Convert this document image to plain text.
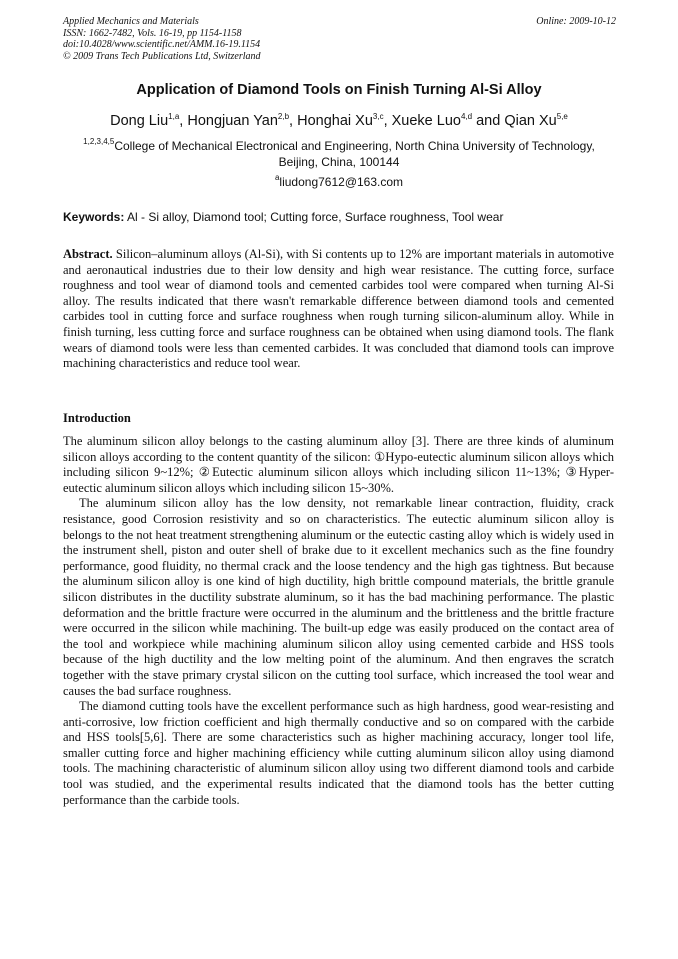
Applied Mechanics and Materials
ISSN: 1662-7482, Vols. 16-19, pp 1154-1158
doi:10.4028/www.scientific.net/AMM.16-19.1154
© 2009 Trans Tech Publications Ltd, Switzerland
Online: 2009-10-12
Application of Diamond Tools on Finish Turning Al-Si Alloy
Dong Liu$^{1,a}$, Hongjuan Yan$^{2,b}$, Honghai Xu$^{3,c}$, Xueke Luo$^{4,d}$ and Qian Xu$^{5,e}$
$^{1,2,3,4,5}$College of Mechanical Electronical and Engineering, North China University of Technology,
Beijing, China, 100144
$^a$liudong7612@163.com
Keywords: Al - Si alloy, Diamond tool; Cutting force, Surface roughness, Tool wear
Abstract. Silicon–aluminum alloys (Al-Si), with Si contents up to 12% are important materials in automotive and aeronautical industries due to their low density and high wear resistance. The cutting force, surface roughness and tool wear of diamond tools and cemented carbides tool were compared when turning Al-Si alloy. The results indicated that there wasn't remarkable difference between diamond tools and cemented carbides tool in cutting force and surface roughness when rough turning silicon-aluminum alloy. While in finish turning, less cutting force and surface roughness can be obtained when using diamond tools. The flank wears of diamond tools were less than cemented carbides. It was concluded that diamond tools can improve machining characteristics and reduce tool wear.
Introduction

The aluminum silicon alloy belongs to the casting aluminum alloy [3]. There are three kinds of aluminum silicon alloys according to the content quantity of the silicon: ①Hypo-eutectic aluminum silicon alloys which including silicon 9~12%; ②Eutectic aluminum silicon alloys which including silicon 11~13%; ③Hyper-eutectic aluminum silicon alloys which including silicon 15~30%.

The aluminum silicon alloy has the low density, not remarkable linear contraction, fluidity, crack resistance, good Corrosion resistivity and so on characteristics. The eutectic aluminum silicon alloy is belongs to the not heat treatment strengthening aluminum or the eutectic casting alloy which is widely used in the instrument shell, piston and outer shell of brake due to it excellent mechanics such as the fine foundry performance, good fluidity, no thermal crack and the loose tendency and the high gas tightness. But because the aluminum silicon alloy is one kind of high ductility, high brittle compound materials, the brittle granule silicon distributes in the ductility substrate aluminum, so it has the bad machining performance. The plastic deformation and the brittle fracture were occurred in the aluminum and the brittleness and the brittle fracture were occurred in the silicon while machining. The built-up edge was easily produced on the contact area of the tool and workpiece while machining aluminum silicon alloy using cemented carbide and HSS tools because of the high ductility and the low melting point of the aluminum. And then engraves the scratch together with the stave primary crystal silicon on the cutting tool surface, which increased the tool wear and causes the bad surface roughness.

The diamond cutting tools have the excellent performance such as high hardness, good wear-resisting and anti-corrosive, low friction coefficient and high thermally conductive and so on compared with the carbide and HSS tools[5,6]. There are some characteristics such as higher machining accuracy, longer tool life, smaller cutting force and higher machining efficiency while cutting aluminum silicon alloy using diamond tools. The machining characteristic of aluminum silicon alloy using two different diamond tools and carbide tool was studied, and the experimental results indicated that the diamond tools has the better cutting performance than the carbide tools.
